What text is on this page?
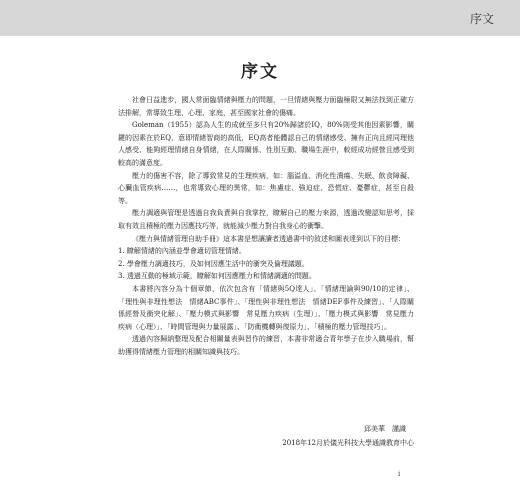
序文
序文

社會日益進步，國人常面臨情緒與壓力的問題，一旦情緒與壓力面臨極限又無法找到正確方法排解，常導致生理、心理、家庭，甚至國家社會的傷痛。

Goleman（1955）認為人生的成就至多只有20%歸諸於IQ，80%則受其他因素影響，關鍵的因素在於EQ，意即情緒智商的高低，EQ高者能體認自己的情緒感受、擁有正向且經同理他人感受、能夠經理情緒自身情緒，在人際關係、性別互動、職場生涯中，較經成功經營且感受到較高的滿意度。

壓力的傷害不容，除了導致常見的生理疾病，如：腦溢血、消化性潰瘍、失眠、飲食障礙、心臟血管疾病……，也常導致心理的異常，如：焦慮症、強迫症、恐慌症、憂鬱症，甚至自殺等。

壓力調適與管理是透過自我負責與自我掌控，瞭解自己的壓力來源，透過改變認知思考，採取有效且積極的壓力因應技巧等，就能減少壓力對自我身心的衝擊。

《壓力與情緒管理自助手冊》這本書是想讓讀者透過書中的敘述和圖表達到以下的目標：

1. 瞭解情緒的內涵並學會適切管理情緒。
2. 學會壓力調適技巧，及如何因應生活中的衝突及倫理議題。
3. 透過互動的極域示範，瞭解如何因應壓力和情緒調適的問題。

本書將內容分為十個章節，依次包含有「情緒與5Q達人」、「情緒理論與90/10的定律」、「理性與非理性想法　情緒ABC事件」、「理性與非理性想法　情緒DEF事件及練習」、「人際關係經營及衝突化解」、「壓力模式與影響　常見壓力疾病（生理）」、「壓力模式與影響　常見壓力疾病（心理）」、「時間管理與力量展露」、「防衛機轉與復原力」、「積極的壓力管理技巧」。

透過內容歸納整理及配合相關量表與習作的練習，本書非常適合青年學子在步入職場前，幫助獲得情緒壓力管理的相關知識與技巧。

邱美華　謹識
2018年12月於儀光科技大學通識教育中心
i
